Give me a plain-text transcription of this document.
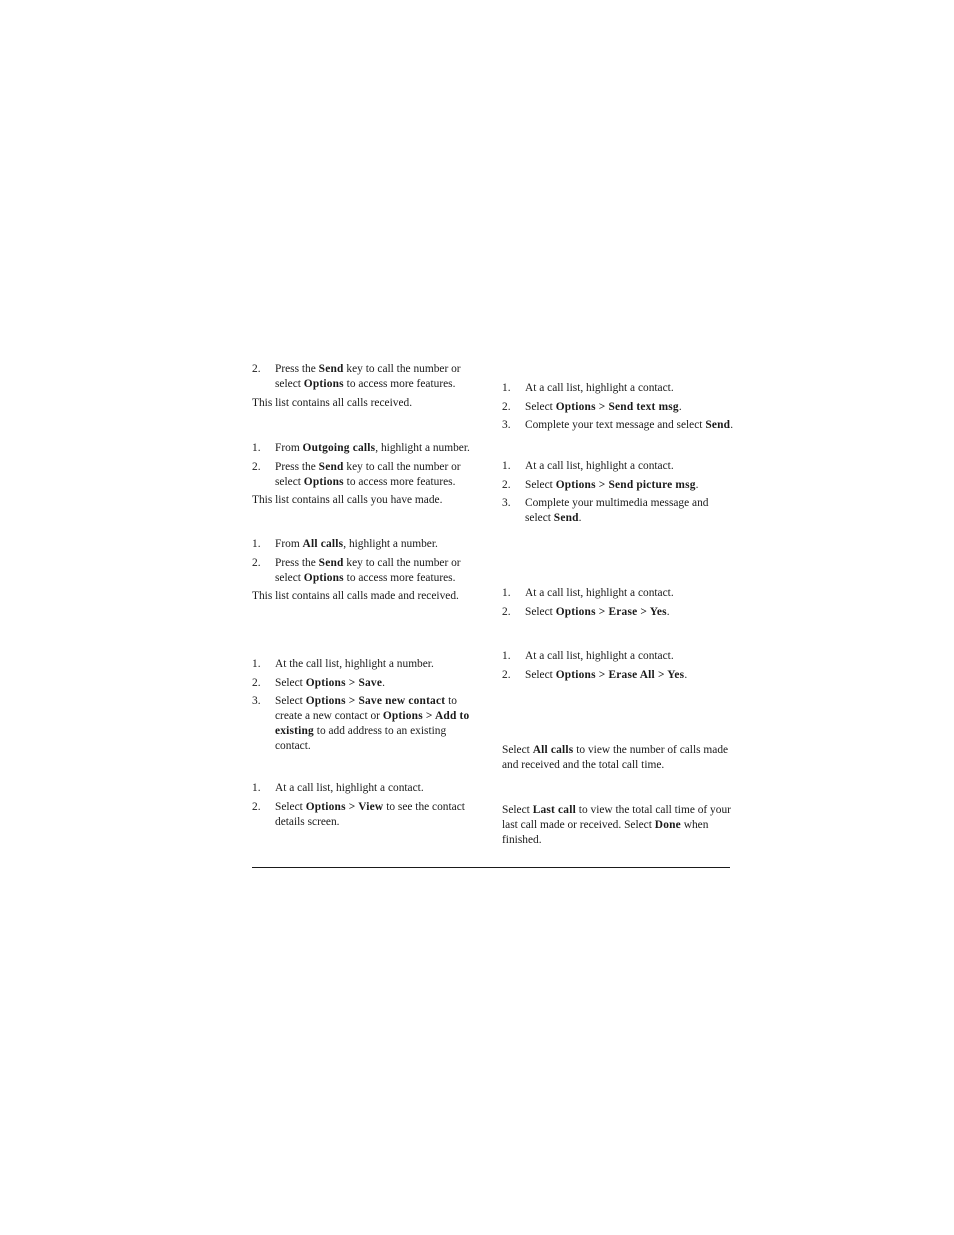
2. Press the Send key to call the number or select Options to access more features.

This list contains all calls received.

1. From Outgoing calls, highlight a number.
2. Press the Send key to call the number or select Options to access more features.

This list contains all calls you have made.

1. From All calls, highlight a number.
2. Press the Send key to call the number or select Options to access more features.

This list contains all calls made and received.

1. At the call list, highlight a number.
2. Select Options > Save.
3. Select Options > Save new contact to create a new contact or Options > Add to existing to add address to an existing contact.
1. At a call list, highlight a contact.
2. Select Options > View to see the contact details screen.
1. At a call list, highlight a contact.
2. Select Options > Send text msg.
3. Complete your text message and select Send.
1. At a call list, highlight a contact.
2. Select Options > Send picture msg.
3. Complete your multimedia message and select Send.
1. At a call list, highlight a contact.
2. Select Options > Erase > Yes.
1. At a call list, highlight a contact.
2. Select Options > Erase All > Yes.

Select All calls to view the number of calls made and received and the total call time.

Select Last call to view the total call time of your last call made or received. Select Done when finished.
